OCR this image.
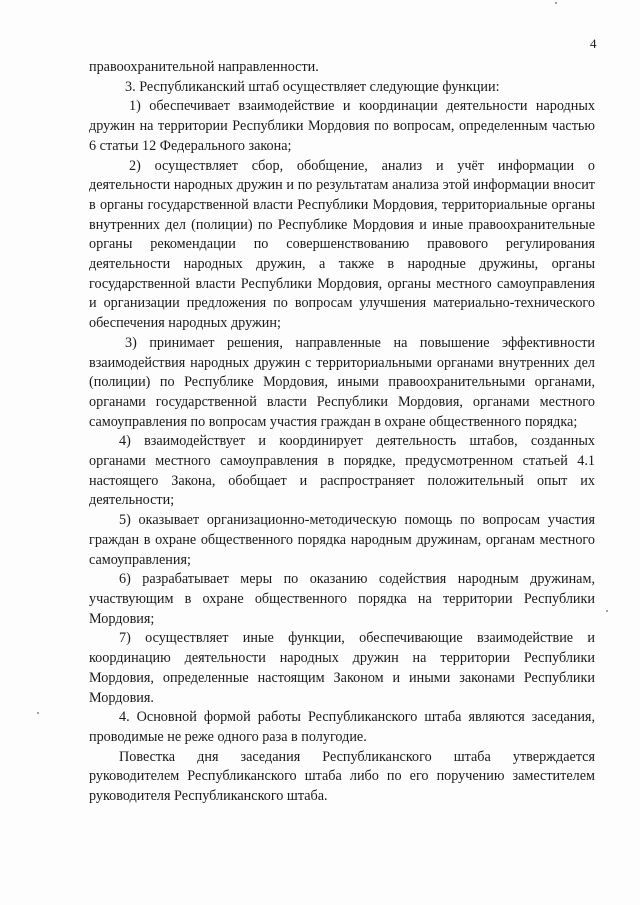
4

правоохранительной направленности.

3. Республиканский штаб осуществляет следующие функции:

1) обеспечивает взаимодействие и координации деятельности народных дружин на территории Республики Мордовия по вопросам, определенным частью 6 статьи 12 Федерального закона;

2) осуществляет сбор, обобщение, анализ и учёт информации о деятельности народных дружин и по результатам анализа этой информации вносит в органы государственной власти Республики Мордовия, территориальные органы внутренних дел (полиции) по Республике Мордовия и иные правоохранительные органы рекомендации по совершенствованию правового регулирования деятельности народных дружин, а также в народные дружины, органы государственной власти Республики Мордовия, органы местного самоуправления и организации предложения по вопросам улучшения материально-технического обеспечения народных дружин;

3) принимает решения, направленные на повышение эффективности взаимодействия народных дружин с территориальными органами внутренних дел (полиции) по Республике Мордовия, иными правоохранительными органами, органами государственной власти Республики Мордовия, органами местного самоуправления по вопросам участия граждан в охране общественного порядка;

4) взаимодействует и координирует деятельность штабов, созданных органами местного самоуправления в порядке, предусмотренном статьей 4.1 настоящего Закона, обобщает и распространяет положительный опыт их деятельности;

5) оказывает организационно-методическую помощь по вопросам участия граждан в охране общественного порядка народным дружинам, органам местного самоуправления;

6) разрабатывает меры по оказанию содействия народным дружинам, участвующим в охране общественного порядка на территории Республики Мордовия;

7) осуществляет иные функции, обеспечивающие взаимодействие и координацию деятельности народных дружин на территории Республики Мордовия, определенные настоящим Законом и иными законами Республики Мордовия.

4. Основной формой работы Республиканского штаба являются заседания, проводимые не реже одного раза в полугодие.

Повестка дня заседания Республиканского штаба утверждается руководителем Республиканского штаба либо по его поручению заместителем руководителя Республиканского штаба.
